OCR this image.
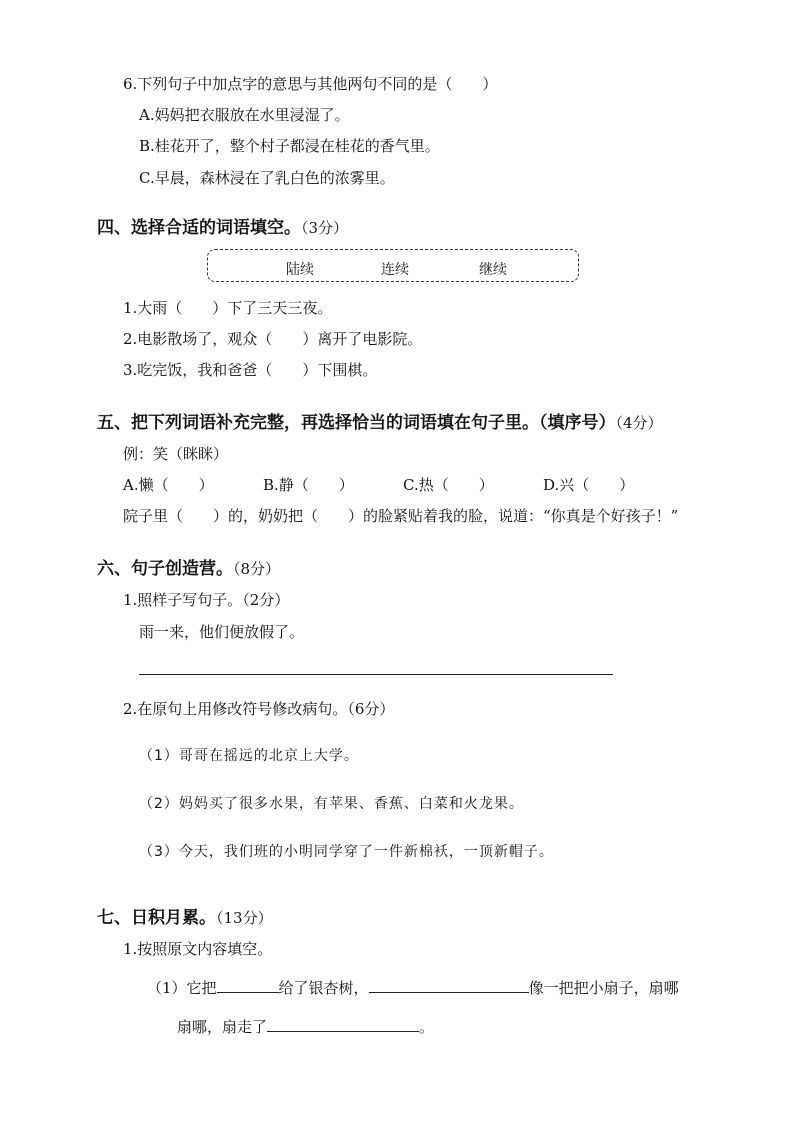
6.下列句子中加点字的意思与其他两句不同的是（　　）
A.妈妈把衣服放在水里浸湿了。
B.桂花开了，整个村子都浸在桂花的香气里。
C.早晨，森林浸在了乳白色的浓雾里。
四、选择合适的词语填空。（3分）
陆续	连续	继续
1.大雨（　　）下了三天三夜。
2.电影散场了，观众（　　）离开了电影院。
3.吃完饭，我和爸爸（　　）下围棋。
五、把下列词语补充完整，再选择恰当的词语填在句子里。（填序号）（4分）
例：笑（眯眯）
A.懒（　　）	B.静（　　）	C.热（　　）	D.兴（　　）
院子里（　　）的，奶奶把（　　）的脸紧贴着我的脸，说道：“你真是个好孩子！”
六、句子创造营。（8分）
1.照样子写句子。（2分）
雨一来，他们便放假了。
2.在原句上用修改符号修改病句。（6分）
（1）哥哥在摇远的北京上大学。
（2）妈妈买了很多水果，有苹果、香蕉、白菜和火龙果。
（3）今天，我们班的小明同学穿了一件新棉袄，一顶新帽子。
七、日积月累。（13分）
1.按照原文内容填空。
（1）它把	给了银杏树，	像一把把小扇子，扇哪
扇哪，扇走了	。
